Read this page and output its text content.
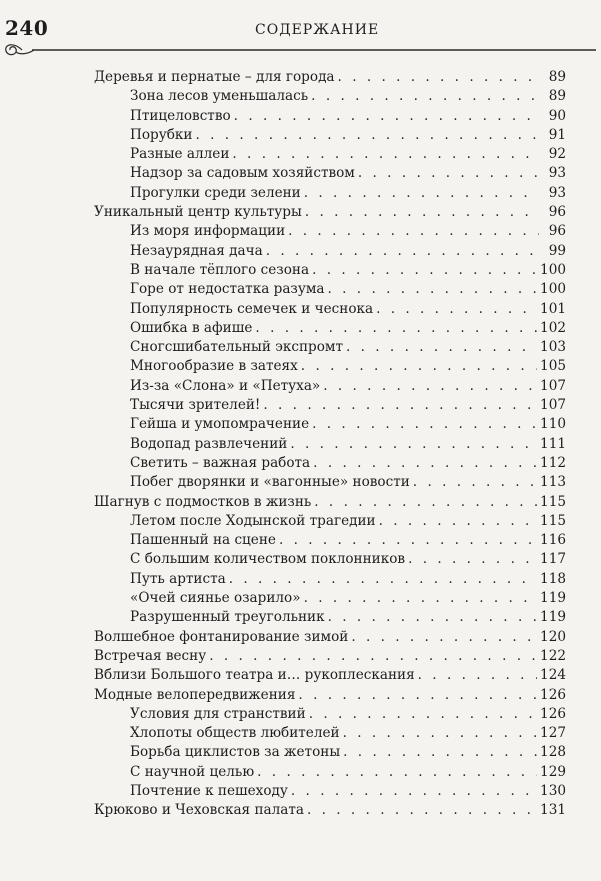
240	СОДЕРЖАНИЕ
Деревья и пернатые – для города . . .	89
Зона лесов уменьшалась . . .	89
Птицеловство . . .	90
Порубки . . .	91
Разные аллеи . . .	92
Надзор за садовым хозяйством . . .	93
Прогулки среди зелени . . .	93
Уникальный центр культуры . . .	96
Из моря информации . . .	96
Незаурядная дача . . .	99
В начале тёплого сезона . . .	100
Горе от недостатка разума . . .	100
Популярность семечек и чеснока . . .	101
Ошибка в афише . . .	102
Сногсшибательный экспромт . . .	103
Многообразие в затеях . . .	105
Из-за «Слона» и «Петуха» . . .	107
Тысячи зрителей! . . .	107
Гейша и умопомрачение . . .	110
Водопад развлечений . . .	111
Светить – важная работа . . .	112
Побег дворянки и «вагонные» новости . . .	113
Шагнув с подмостков в жизнь . . .	115
Летом после Ходынской трагедии . . .	115
Пашенный на сцене . . .	116
С большим количеством поклонников . . .	117
Путь артиста . . .	118
«Очей сиянье озарило» . . .	119
Разрушенный треугольник . . .	119
Волшебное фонтанирование зимой . . .	120
Встречая весну . . .	122
Вблизи Большого театра и… рукоплескания . . .	124
Модные велопередвижения . . .	126
Условия для странствий . . .	126
Хлопоты обществ любителей . . .	127
Борьба циклистов за жетоны . . .	128
С научной целью . . .	129
Почтение к пешеходу . . .	130
Крюково и Чеховская палата . . .	131
